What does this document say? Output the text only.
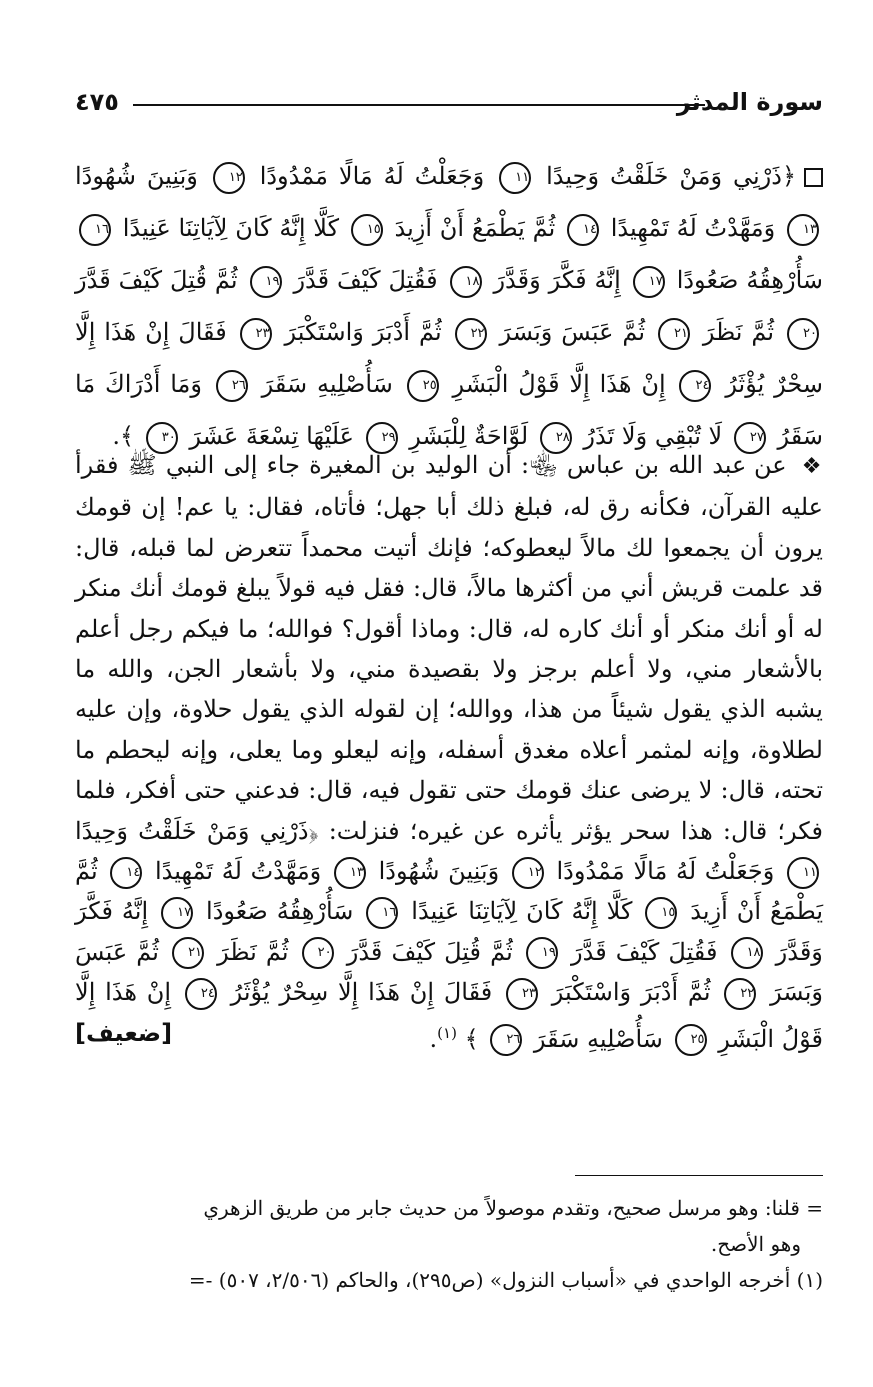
سورة المدثر
٤٧٥
﴿ذَرْنِي وَمَنْ خَلَقْتُ وَحِيدًا ١١ وَجَعَلْتُ لَهُ مَالًا مَمْدُودًا ١٢ وَبَنِينَ شُهُودًا ١٣ وَمَهَّدْتُ لَهُ تَمْهِيدًا ١٤ ثُمَّ يَطْمَعُ أَنْ أَزِيدَ ١٥ كَلَّا إِنَّهُ كَانَ لِآيَاتِنَا عَنِيدًا ١٦ سَأُرْهِقُهُ صَعُودًا ١٧ إِنَّهُ فَكَّرَ وَقَدَّرَ ١٨ فَقُتِلَ كَيْفَ قَدَّرَ ١٩ ثُمَّ قُتِلَ كَيْفَ قَدَّرَ ٢٠ ثُمَّ نَظَرَ ٢١ ثُمَّ عَبَسَ وَبَسَرَ ٢٢ ثُمَّ أَدْبَرَ وَاسْتَكْبَرَ ٢٣ فَقَالَ إِنْ هَذَا إِلَّا سِحْرٌ يُؤْثَرُ ٢٤ إِنْ هَذَا إِلَّا قَوْلُ الْبَشَرِ ٢٥ سَأُصْلِيهِ سَقَرَ ٢٦ وَمَا أَدْرَاكَ مَا سَقَرُ ٢٧ لَا تُبْقِي وَلَا تَذَرُ ٢٨ لَوَّاحَةٌ لِلْبَشَرِ ٢٩ عَلَيْهَا تِسْعَةَ عَشَرَ ٣٠ ﴾.
❖ عن عبد الله بن عباس ﵄: أن الوليد بن المغيرة جاء إلى النبي ﷺ فقرأ عليه القرآن، فكأنه رق له، فبلغ ذلك أبا جهل؛ فأتاه، فقال: يا عم! إن قومك يرون أن يجمعوا لك مالاً ليعطوكه؛ فإنك أتيت محمداً تتعرض لما قبله، قال: قد علمت قريش أني من أكثرها مالاً، قال: فقل فيه قولاً يبلغ قومك أنك منكر له أو أنك منكر أو أنك كاره له، قال: وماذا أقول؟ فوالله؛ ما فيكم رجل أعلم بالأشعار مني، ولا أعلم برجز ولا بقصيدة مني، ولا بأشعار الجن، والله ما يشبه الذي يقول شيئاً من هذا، ووالله؛ إن لقوله الذي يقول حلاوة، وإن عليه لطلاوة، وإنه لمثمر أعلاه مغدق أسفله، وإنه ليعلو وما يعلى، وإنه ليحطم ما تحته، قال: لا يرضى عنك قومك حتى تقول فيه، قال: فدعني حتى أفكر، فلما فكر؛ قال: هذا سحر يؤثر يأثره عن غيره؛ فنزلت: ﴿ذَرْنِي وَمَنْ خَلَقْتُ وَحِيدًا ١١ وَجَعَلْتُ لَهُ مَالًا مَمْدُودًا ١٢ وَبَنِينَ شُهُودًا ١٣ وَمَهَّدْتُ لَهُ تَمْهِيدًا ١٤ ثُمَّ يَطْمَعُ أَنْ أَزِيدَ ١٥ كَلَّا إِنَّهُ كَانَ لِآيَاتِنَا عَنِيدًا ١٦ سَأُرْهِقُهُ صَعُودًا ١٧ إِنَّهُ فَكَّرَ وَقَدَّرَ ١٨ فَقُتِلَ كَيْفَ قَدَّرَ ١٩ ثُمَّ قُتِلَ كَيْفَ قَدَّرَ ٢٠ ثُمَّ نَظَرَ ٢١ ثُمَّ عَبَسَ وَبَسَرَ ٢٢ ثُمَّ أَدْبَرَ وَاسْتَكْبَرَ ٢٣ فَقَالَ إِنْ هَذَا إِلَّا سِحْرٌ يُؤْثَرُ ٢٤ إِنْ هَذَا إِلَّا قَوْلُ الْبَشَرِ ٢٥ سَأُصْلِيهِ سَقَرَ ٢٦ ﴾ $^{(١)}$.
[ضعيف]
= قلنا: وهو مرسل صحيح، وتقدم موصولاً من حديث جابر من طريق الزهري
وهو الأصح.
(١) أخرجه الواحدي في «أسباب النزول» (ص٢٩٥)، والحاكم (٢/٥٠٦، ٥٠٧) -=
